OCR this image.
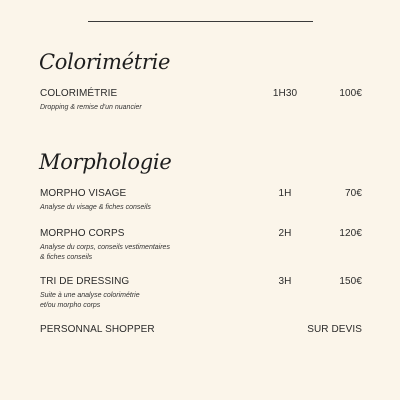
Colorimétrie
COLORIMÉTRIE	1H30	100€
Dropping & remise d'un nuancier
Morphologie
MORPHO VISAGE	1H	70€
Analyse du visage & fiches conseils
MORPHO CORPS	2H	120€
Analyse du corps, conseils vestimentaires
& fiches conseils
TRI DE DRESSING	3H	150€
Suite à une analyse colorimétrie
et/ou morpho corps
PERSONNAL SHOPPER	SUR DEVIS
